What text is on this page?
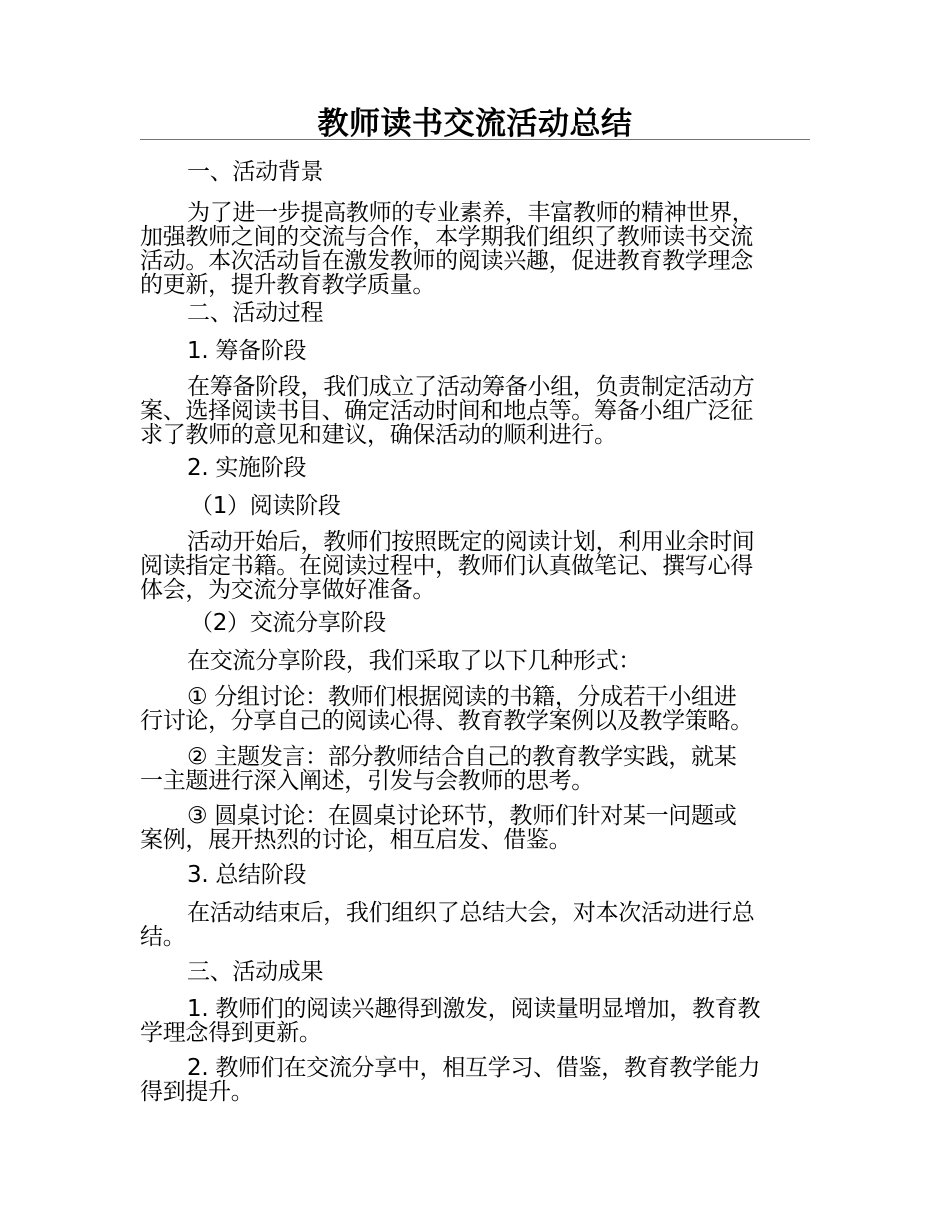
教师读书交流活动总结
一、活动背景
为了进一步提高教师的专业素养，丰富教师的精神世界，
加强教师之间的交流与合作，本学期我们组织了教师读书交流
活动。本次活动旨在激发教师的阅读兴趣，促进教育教学理念
的更新，提升教育教学质量。
二、活动过程
1. 筹备阶段
在筹备阶段，我们成立了活动筹备小组，负责制定活动方
案、选择阅读书目、确定活动时间和地点等。筹备小组广泛征
求了教师的意见和建议，确保活动的顺利进行。
2. 实施阶段
（1）阅读阶段
活动开始后，教师们按照既定的阅读计划，利用业余时间
阅读指定书籍。在阅读过程中，教师们认真做笔记、撰写心得
体会，为交流分享做好准备。
（2）交流分享阶段
在交流分享阶段，我们采取了以下几种形式：
① 分组讨论：教师们根据阅读的书籍，分成若干小组进
行讨论，分享自己的阅读心得、教育教学案例以及教学策略。
② 主题发言：部分教师结合自己的教育教学实践，就某
一主题进行深入阐述，引发与会教师的思考。
③ 圆桌讨论：在圆桌讨论环节，教师们针对某一问题或
案例，展开热烈的讨论，相互启发、借鉴。
3. 总结阶段
在活动结束后，我们组织了总结大会，对本次活动进行总
结。
三、活动成果
1. 教师们的阅读兴趣得到激发，阅读量明显增加，教育教
学理念得到更新。
2. 教师们在交流分享中，相互学习、借鉴，教育教学能力
得到提升。
